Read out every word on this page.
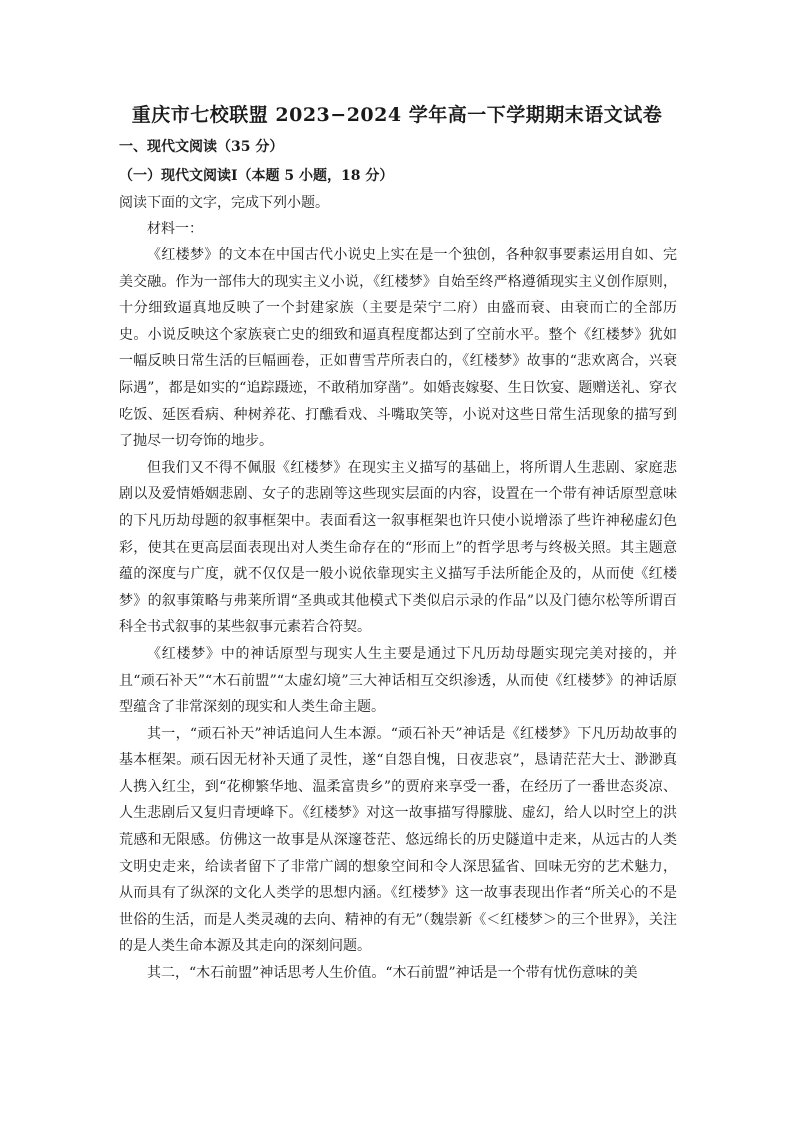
重庆市七校联盟 2023−2024 学年高一下学期期末语文试卷
一、现代文阅读（35 分）
（一）现代文阅读Ⅰ（本题 5 小题，18 分）
阅读下面的文字，完成下列小题。
材料一：

《红楼梦》的文本在中国古代小说史上实在是一个独创，各种叙事要素运用自如、完美交融。作为一部伟大的现实主义小说，《红楼梦》自始至终严格遵循现实主义创作原则，十分细致逼真地反映了一个封建家族（主要是荣宁二府）由盛而衰、由衰而亡的全部历史。小说反映这个家族衰亡史的细致和逼真程度都达到了空前水平。整个《红楼梦》犹如一幅反映日常生活的巨幅画卷，正如曹雪芹所表白的，《红楼梦》故事的“悲欢离合，兴衰际遇”，都是如实的“追踪蹑迹，不敢稍加穿凿”。如婚丧嫁娶、生日饮宴、题赠送礼、穿衣吃饭、延医看病、种树养花、打醮看戏、斗嘴取笑等，小说对这些日常生活现象的描写到了抛尽一切夸饰的地步。

但我们又不得不佩服《红楼梦》在现实主义描写的基础上，将所谓人生悲剧、家庭悲剧以及爱情婚姻悲剧、女子的悲剧等这些现实层面的内容，设置在一个带有神话原型意味的下凡历劫母题的叙事框架中。表面看这一叙事框架也许只使小说增添了些许神秘虚幻色彩，使其在更高层面表现出对人类生命存在的“形而上”的哲学思考与终极关照。其主题意蕴的深度与广度，就不仅仅是一般小说依靠现实主义描写手法所能企及的，从而使《红楼梦》的叙事策略与弗莱所谓“圣典或其他模式下类似启示录的作品”以及门德尔松等所谓百科全书式叙事的某些叙事元素若合符契。

《红楼梦》中的神话原型与现实人生主要是通过下凡历劫母题实现完美对接的，并且“顽石补天”“木石前盟”“太虚幻境”三大神话相互交织渗透，从而使《红楼梦》的神话原型蕴含了非常深刻的现实和人类生命主题。

其一，“顽石补天”神话追问人生本源。“顽石补天”神话是《红楼梦》下凡历劫故事的基本框架。顽石因无材补天通了灵性，遂“自怨自愧，日夜悲哀”，恳请茫茫大士、渺渺真人携入红尘，到“花柳繁华地、温柔富贵乡”的贾府来享受一番，在经历了一番世态炎凉、人生悲剧后又复归青埂峰下。《红楼梦》对这一故事描写得朦胧、虚幻，给人以时空上的洪荒感和无限感。仿佛这一故事是从深邃苍茫、悠远绵长的历史隧道中走来，从远古的人类文明史走来，给读者留下了非常广阔的想象空间和令人深思猛省、回味无穷的艺术魅力，从而具有了纵深的文化人类学的思想内涵。《红楼梦》这一故事表现出作者“所关心的不是世俗的生活，而是人类灵魂的去向、精神的有无”（魏崇新《＜红楼梦＞的三个世界》，关注的是人类生命本源及其走向的深刻问题。

其二，“木石前盟”神话思考人生价值。“木石前盟”神话是一个带有忧伤意味的美
